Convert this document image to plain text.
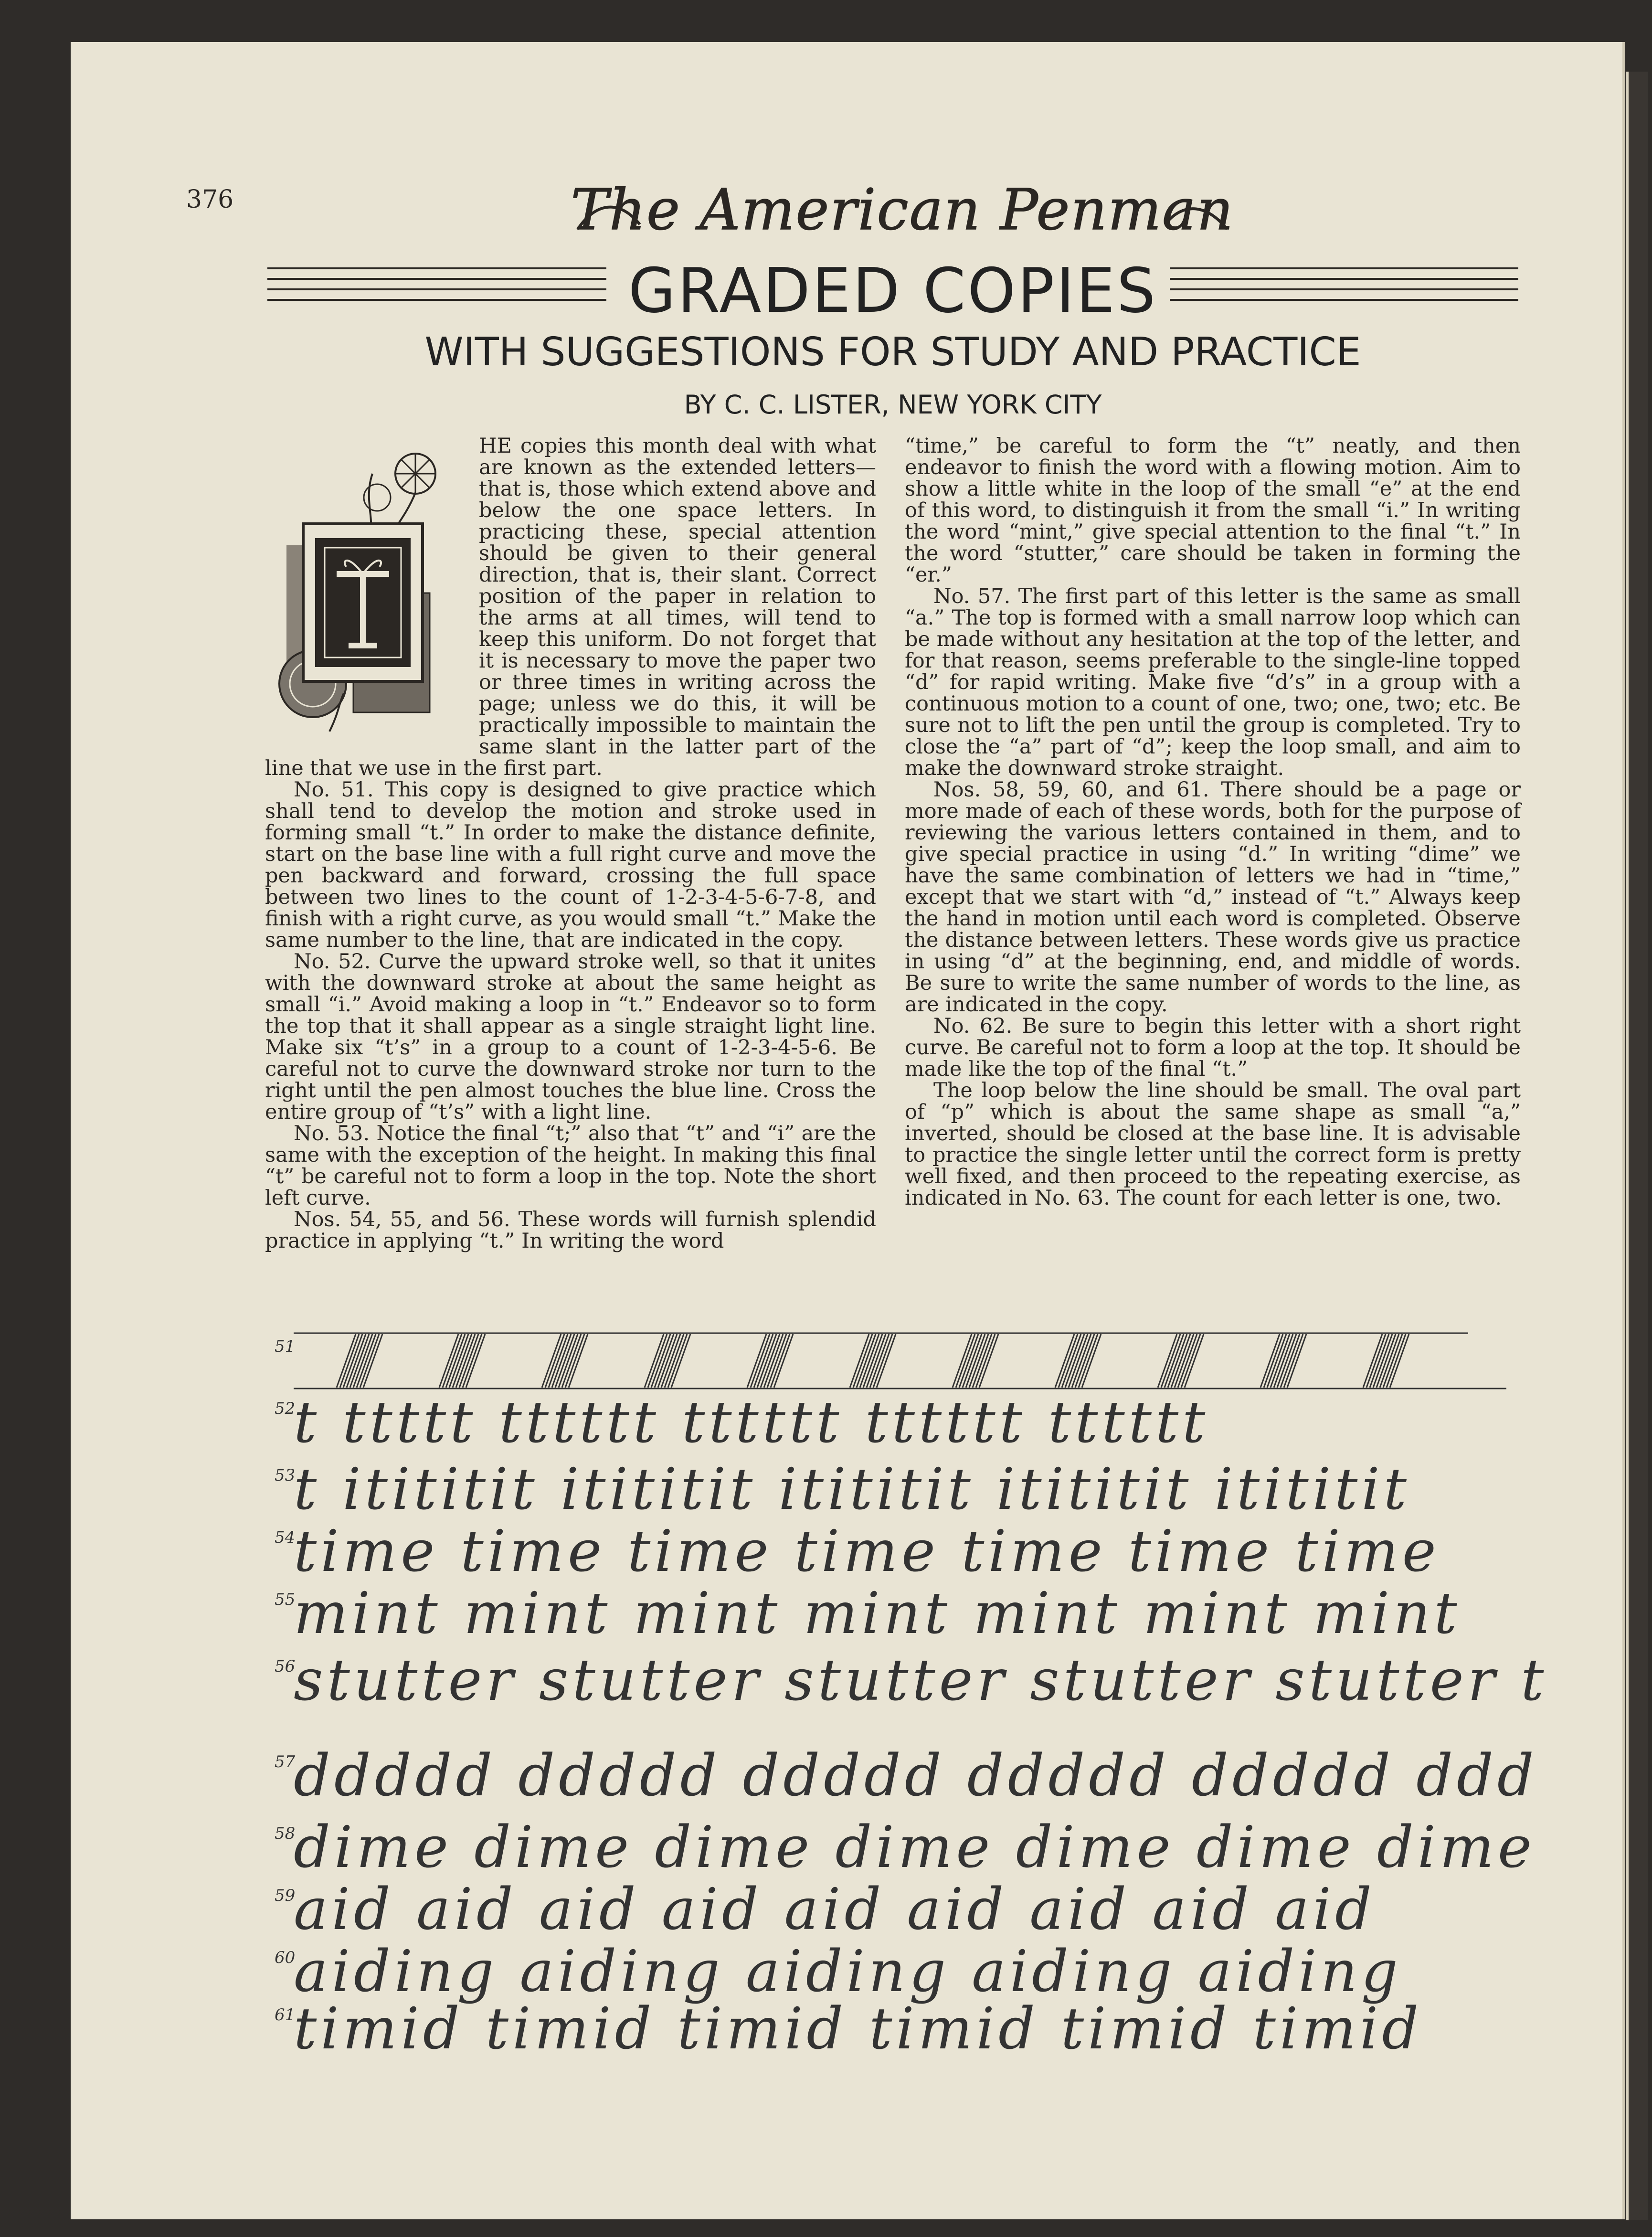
376	The American Penman
GRADED COPIES
WITH SUGGESTIONS FOR STUDY AND PRACTICE
BY C. C. LISTER, NEW YORK CITY

HE copies this month deal with what are known as the extended letters—that is, those which extend above and below the one space letters. In practicing these, special attention should be given to their general direction, that is, their slant. Correct position of the paper in relation to the arms at all times, will tend to keep this uniform. Do not forget that it is necessary to move the paper two or three times in writing across the page; unless we do this, it will be practically impossible to maintain the same slant in the latter part of the line that we use in the first part.

No. 51. This copy is designed to give practice which shall tend to develop the motion and stroke used in forming small “t.” In order to make the distance definite, start on the base line with a full right curve and move the pen backward and forward, crossing the full space between two lines to the count of 1-2-3-4-5-6-7-8, and finish with a right curve, as you would small “t.” Make the same number to the line, that are indicated in the copy.

No. 52. Curve the upward stroke well, so that it unites with the downward stroke at about the same height as small “i.” Avoid making a loop in “t.” Endeavor so to form the top that it shall appear as a single straight light line. Make six “t’s” in a group to a count of 1-2-3-4-5-6. Be careful not to curve the downward stroke nor turn to the right until the pen almost touches the blue line. Cross the entire group of “t’s” with a light line.

No. 53. Notice the final “t;” also that “t” and “i” are the same with the exception of the height. In making this final “t” be careful not to form a loop in the top. Note the short left curve.

Nos. 54, 55, and 56. These words will furnish splendid practice in applying “t.” In writing the word

“time,” be careful to form the “t” neatly, and then endeavor to finish the word with a flowing motion. Aim to show a little white in the loop of the small “e” at the end of this word, to distinguish it from the small “i.” In writing the word “mint,” give special attention to the final “t.” In the word “stutter,” care should be taken in forming the “er.”

No. 57. The first part of this letter is the same as small “a.” The top is formed with a small narrow loop which can be made without any hesitation at the top of the letter, and for that reason, seems preferable to the single-line topped “d” for rapid writing. Make five “d’s” in a group with a continuous motion to a count of one, two; one, two; etc. Be sure not to lift the pen until the group is completed. Try to close the “a” part of “d”; keep the loop small, and aim to make the downward stroke straight.

Nos. 58, 59, 60, and 61. There should be a page or more made of each of these words, both for the purpose of reviewing the various letters contained in them, and to give special practice in using “d.” In writing “dime” we have the same combination of letters we had in “time,” except that we start with “d,” instead of “t.” Always keep the hand in motion until each word is completed. Observe the distance between letters. These words give us practice in using “d” at the beginning, end, and middle of words. Be sure to write the same number of words to the line, as are indicated in the copy.

No. 62. Be sure to begin this letter with a short right curve. Be careful not to form a loop at the top. It should be made like the top of the final “t.”

The loop below the line should be small. The oval part of “p” which is about the same shape as small “a,” inverted, should be closed at the base line. It is advisable to practice the single letter until the correct form is pretty well fixed, and then proceed to the repeating exercise, as indicated in No. 63. The count for each letter is one, two.

51
52
t ttttt tttttt tttttt tttttt tttttt
53
t itititit itititit itititit itititit itititit
54
time time time time time time time
55
mint mint mint mint mint mint mint
56
stutter stutter stutter stutter stutter t
57
ddddd ddddd ddddd ddddd ddddd ddd
58
dime dime dime dime dime dime dime
59
aid aid aid aid aid aid aid aid aid
60
aiding aiding aiding aiding aiding
61
timid timid timid timid timid timid
